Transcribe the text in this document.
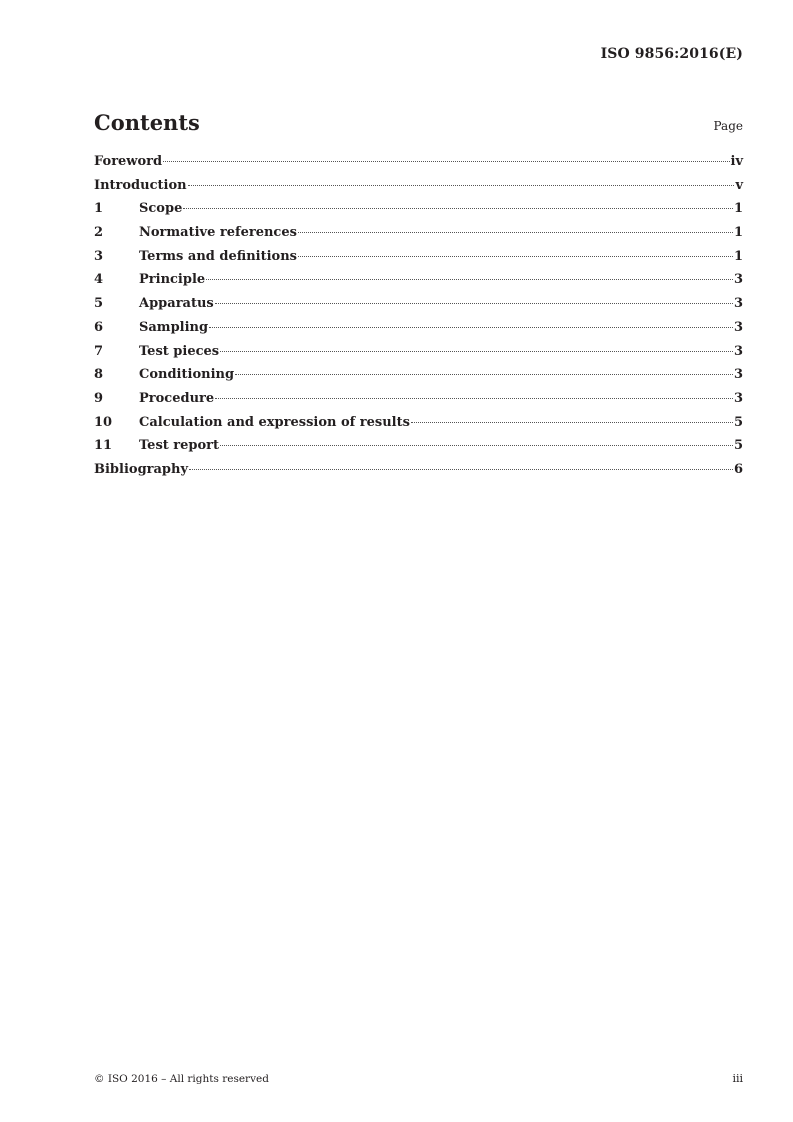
ISO 9856:2016(E)
Contents	Page
Foreword	iv
Introduction	v
1	Scope	1
2	Normative references	1
3	Terms and definitions	1
4	Principle	3
5	Apparatus	3
6	Sampling	3
7	Test pieces	3
8	Conditioning	3
9	Procedure	3
10	Calculation and expression of results	5
11	Test report	5
Bibliography	6
© ISO 2016 – All rights reserved	iii
